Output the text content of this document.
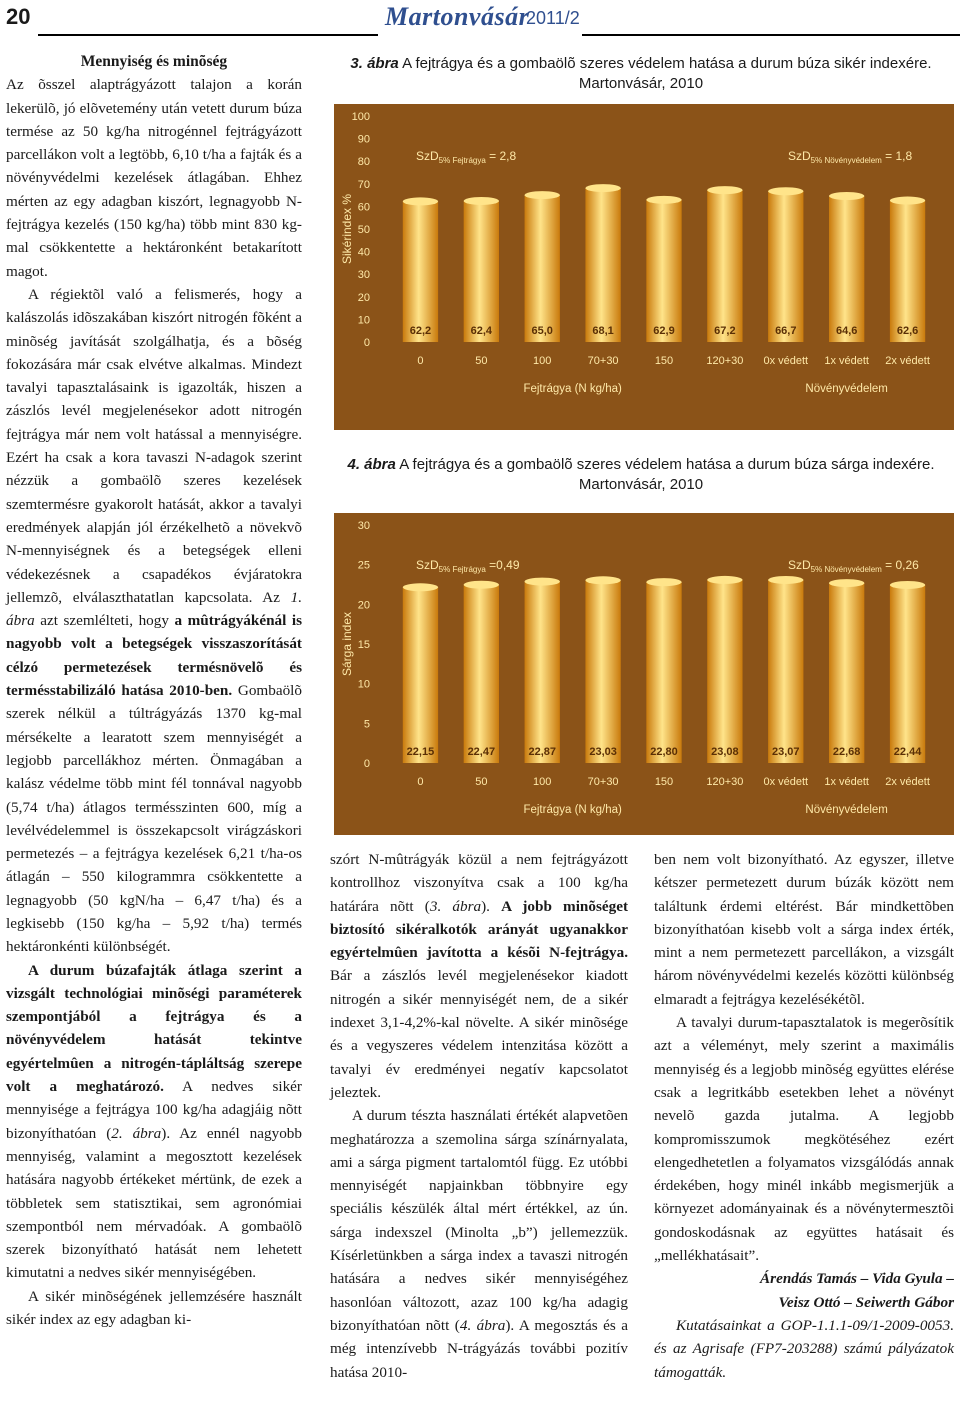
20	Martonvásár
2011/2
Mennyiség és minõség

Az õsszel alaptrágyázott talajon a korán lekerülõ, jó elõvetemény után vetett durum búza termése az 50 kg/ha nitrogénnel fejtrágyázott parcellákon volt a legtöbb, 6,10 t/ha a fajták és a növényvédelmi kezelések átlagában. Ehhez mérten az egy adagban kiszórt, legnagyobb N-fejtrágya kezelés (150 kg/ha) több mint 830 kg-mal csökkentette a hektáronként betakarított magot.

A régiektõl való a felismerés, hogy a kalászolás idõszakában kiszórt nitrogén fõként a minõség javítását szolgálhatja, és a bõség fokozására már csak elvétve alkalmas. Mindezt tavalyi tapasztalásaink is igazolták, hiszen a zászlós levél megjelenésekor adott nitrogén fejtrágya már nem volt hatással a mennyiségre. Ezért ha csak a kora tavaszi N-adagok szerint nézzük a gombaölõ szeres kezelések szemtermésre gyakorolt hatását, akkor a tavalyi eredmények alapján jól érzékelhetõ a növekvõ N-mennyiségnek és a betegségek elleni védekezésnek a csapadékos évjáratokra jellemzõ, elválaszthatatlan kapcsolata. Az 1. ábra azt szemlélteti, hogy a mûtrágyákénál is nagyobb volt a betegségek visszaszorítását célzó permetezések termésnövelõ és termésstabilizáló hatása 2010-ben. Gombaölõ szerek nélkül a túltrágyázás 1370 kg-mal mérsékelte a learatott szem mennyiségét a legjobb parcellákhoz mérten. Önmagában a kalász védelme több mint fél tonnával nagyobb (5,74 t/ha) átlagos termésszinten 600, míg a levélvédelemmel is összekapcsolt virágzáskori permetezés – a fejtrágya kezelések 6,21 t/ha-os átlagán – 550 kilogrammra csökkentette a legnagyobb (50 kgN/ha – 6,47 t/ha) és a legkisebb (150 kg/ha – 5,92 t/ha) termés hektáronkénti különbségét.

A durum búzafajták átlaga szerint a vizsgált technológiai minõségi paraméterek szempontjából a fejtrágya és a növényvédelem hatását tekintve egyértelmûen a nitrogén-tápláltság szerepe volt a meghatározó. A nedves sikér mennyisége a fejtrágya 100 kg/ha adagjáig nõtt bizonyíthatóan (2. ábra). Az ennél nagyobb mennyiség, valamint a megosztott kezelések hatására nagyobb értékeket mértünk, de ezek a többletek sem statisztikai, sem agronómiai szempontból nem mérvadóak. A gombaölõ szerek bizonyítható hatását nem lehetett kimutatni a nedves sikér mennyiségében.

A sikér minõségének jellemzésére használt sikér index az egy adagban ki-

3. ábra A fejtrágya és a gombaölõ szeres védelem hatása a durum búza sikér indexére. Martonvásár, 2010
0
10
20
30
40
50
60
70
80
90
100
Sikérindex %
62,2
0
62,4
50
65,0
100
68,1
70+30
62,9
150
67,2
120+30
66,7
0x védett
64,6
1x védett
62,6
2x védett
Fejtrágya (N kg/ha)	Növényvédelem
SzD$_{5\% Fejtrágya}$ = 2,8	SzD$_{5\% Növényvédelem}$ = 1,8
4. ábra A fejtrágya és a gombaölõ szeres védelem hatása a durum búza sárga indexére. Martonvásár, 2010
0
5
10
15
20
25
30
Sárga index
22,15
0
22,47
50
22,87
100
23,03
70+30
22,80
150
23,08
120+30
23,07
0x védett
22,68
1x védett
22,44
2x védett
Fejtrágya (N kg/ha)	Növényvédelem
SzD$_{5\% Fejtrágya}$ =0,49	SzD$_{5\% Növényvédelem}$ = 0,26

szórt N-mûtrágyák közül a nem fejtrágyázott kontrollhoz viszonyítva csak a 100 kg/ha határára nõtt (3. ábra). A jobb minõséget biztosító sikéralkotók arányát ugyanakkor egyértelmûen javította a késõi N-fejtrágya. Bár a zászlós levél megjelenésekor kiadott nitrogén a sikér mennyiségét nem, de a sikér indexet 3,1-4,2%-kal növelte. A sikér minõsége és a vegyszeres védelem intenzitása között a tavalyi év eredményei negatív kapcsolatot jeleztek.

A durum tészta használati értékét alapvetõen meghatározza a szemolina sárga színárnyalata, ami a sárga pigment tartalomtól függ. Ez utóbbi mennyiségét napjainkban többnyire egy speciális készülék által mért értékkel, az ún. sárga indexszel (Minolta „b”) jellemezzük. Kísérletünkben a sárga index a tavaszi nitrogén hatására a nedves sikér mennyiségéhez hasonlóan változott, azaz 100 kg/ha adagig bizonyíthatóan nõtt (4. ábra). A megosztás és a még intenzívebb N-trágyázás további pozitív hatása 2010-

ben nem volt bizonyítható. Az egyszer, illetve kétszer permetezett durum búzák között nem találtunk érdemi eltérést. Bár mindkettõben bizonyíthatóan kisebb volt a sárga index érték, mint a nem permetezett parcellákon, a vizsgált három növényvédelmi kezelés közötti különbség elmaradt a fejtrágya kezelésékétõl.

A tavalyi durum-tapasztalatok is megerõsítik azt a véleményt, mely szerint a maximális mennyiség és a legjobb minõség együttes elérése csak a legritkább esetekben lehet a növényt nevelõ gazda jutalma. A legjobb kompromisszumok megkötéséhez ezért elengedhetetlen a folyamatos vizsgálódás annak érdekében, hogy minél inkább megismerjük a környezet adományainak és a növénytermesztõi gondoskodásnak az együttes hatásait és „mellékhatásait”.

Árendás Tamás – Vida Gyula –

Veisz Ottó – Seiwerth Gábor

Kutatásainkat a GOP-1.1.1-09/1-2009-0053. és az Agrisafe (FP7-203288) számú pályázatok támogatták.
